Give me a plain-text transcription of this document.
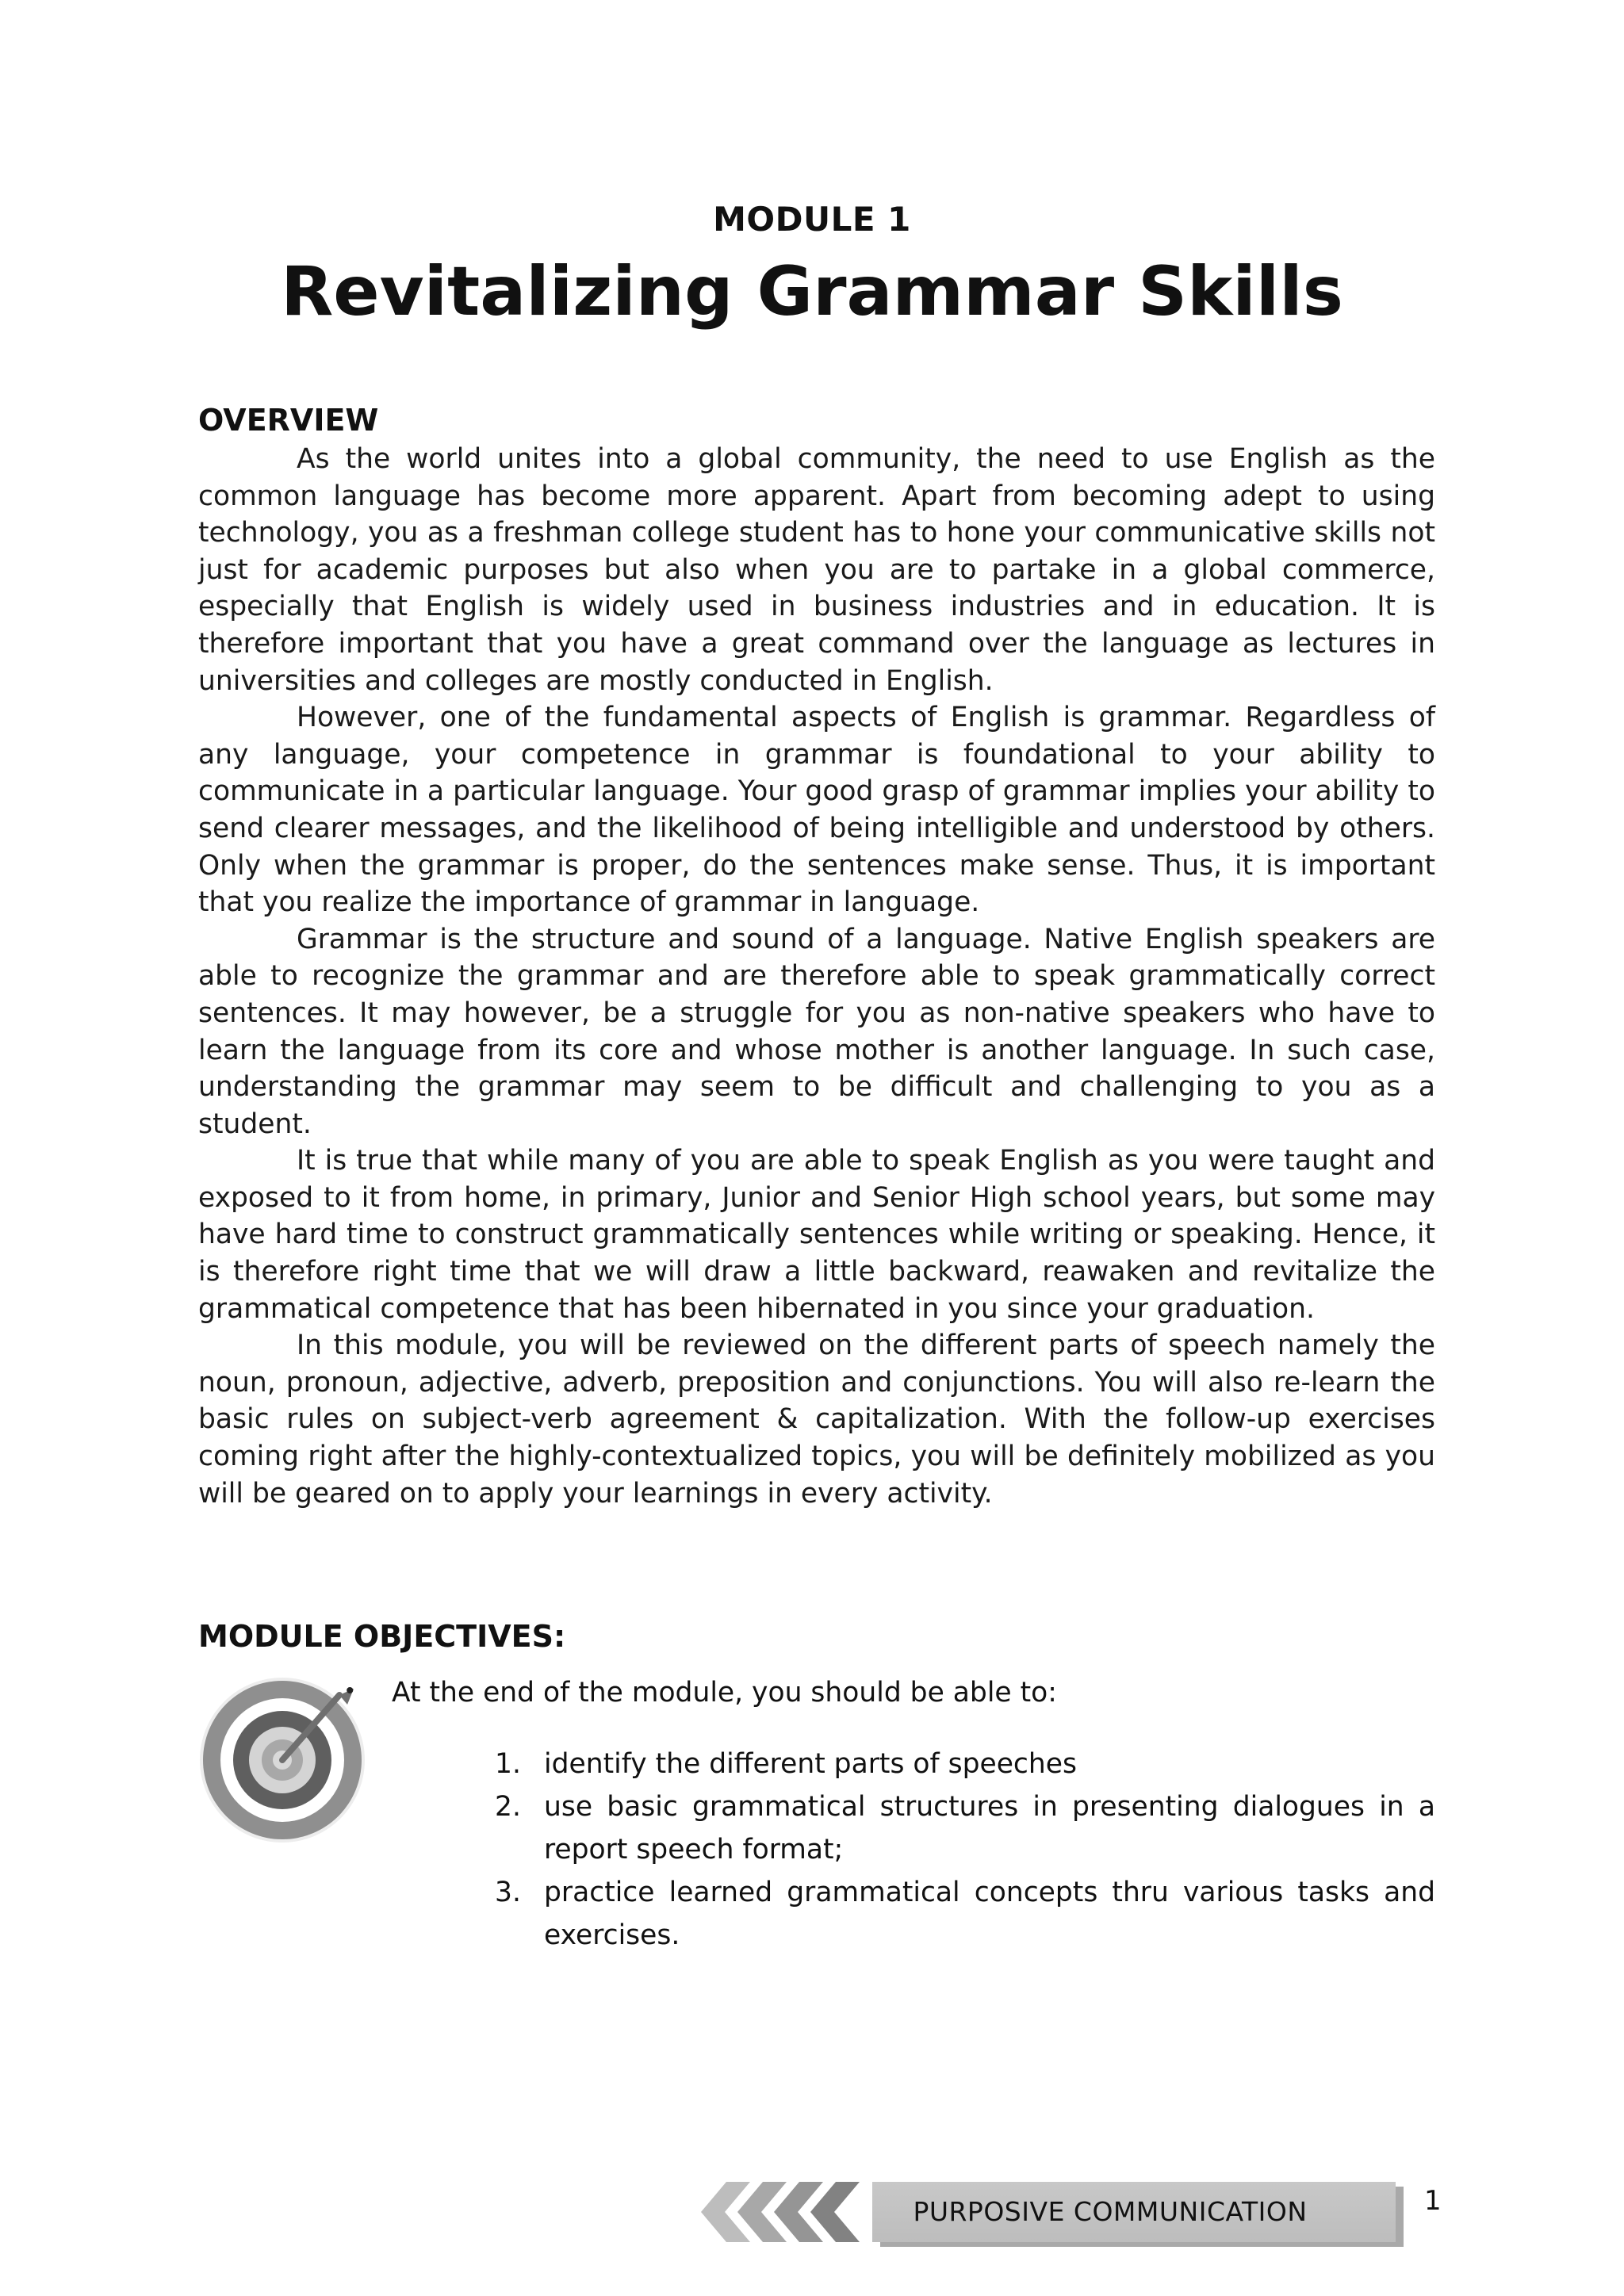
MODULE 1
Revitalizing Grammar Skills
OVERVIEW

As the world unites into a global community, the need to use English as the common language has become more apparent. Apart from becoming adept to using technology, you as a freshman college student has to hone your communicative skills not just for academic purposes but also when you are to partake in a global commerce, especially that English is widely used in business industries and in education. It is therefore important that you have a great command over the language as lectures in universities and colleges are mostly conducted in English.

However, one of the fundamental aspects of English is grammar. Regardless of any language, your competence in grammar is foundational to your ability to communicate in a particular language. Your good grasp of grammar implies your ability to send clearer messages, and the likelihood of being intelligible and understood by others. Only when the grammar is proper, do the sentences make sense. Thus, it is important that you realize the importance of grammar in language.

Grammar is the structure and sound of a language. Native English speakers are able to recognize the grammar and are therefore able to speak grammatically correct sentences. It may however, be a struggle for you as non-native speakers who have to learn the language from its core and whose mother is another language. In such case, understanding the grammar may seem to be difficult and challenging to you as a student.

It is true that while many of you are able to speak English as you were taught and exposed to it from home, in primary, Junior and Senior High school years, but some may have hard time to construct grammatically sentences while writing or speaking. Hence, it is therefore right time that we will draw a little backward, reawaken and revitalize the grammatical competence that has been hibernated in you since your graduation.

In this module, you will be reviewed on the different parts of speech namely the noun, pronoun, adjective, adverb, preposition and conjunctions. You will also re-learn the basic rules on subject-verb agreement & capitalization. With the follow-up exercises coming right after the highly-contextualized topics, you will be definitely mobilized as you will be geared on to apply your learnings in every activity.

MODULE OBJECTIVES:
• At the end of the module, you should be able to:
1. identify the different parts of speeches
2. use basic grammatical structures in presenting dialogues in a report speech format;
3. practice learned grammatical concepts thru various tasks and exercises.
PURPOSIVE COMMUNICATION	1
